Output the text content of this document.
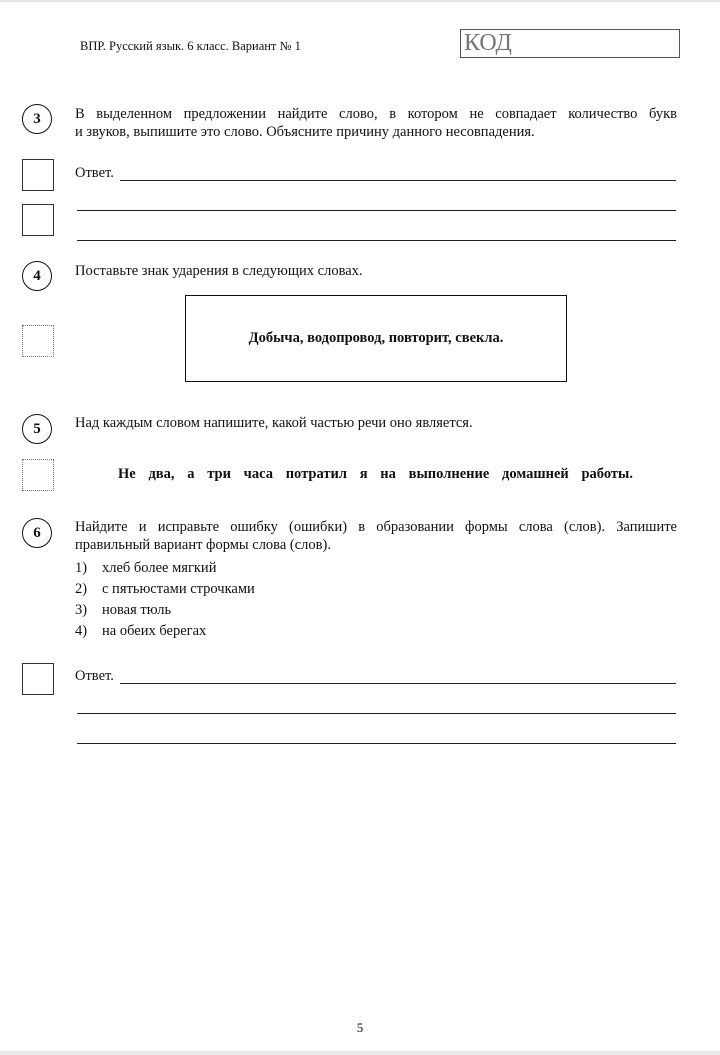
ВПР. Русский язык. 6 класс. Вариант № 1	КОД
3	В выделенном предложении найдите слово, в котором не совпадает количество букв
и звуков, выпишите это слово. Объясните причину данного несовпадения.
Ответ.
4	Поставьте знак ударения в следующих словах.
Добыча, водопровод, повторит, свекла.
5	Над каждым словом напишите, какой частью речи оно является.
Не два, а три часа потратил я на выполнение домашней работы.
6	Найдите и исправьте ошибку (ошибки) в образовании формы слова (слов). Запишите
правильный вариант формы слова (слов).
1) хлеб более мягкий
2) с пятьюстами строчками
3) новая тюль
4) на обеих берегах
Ответ.
5
